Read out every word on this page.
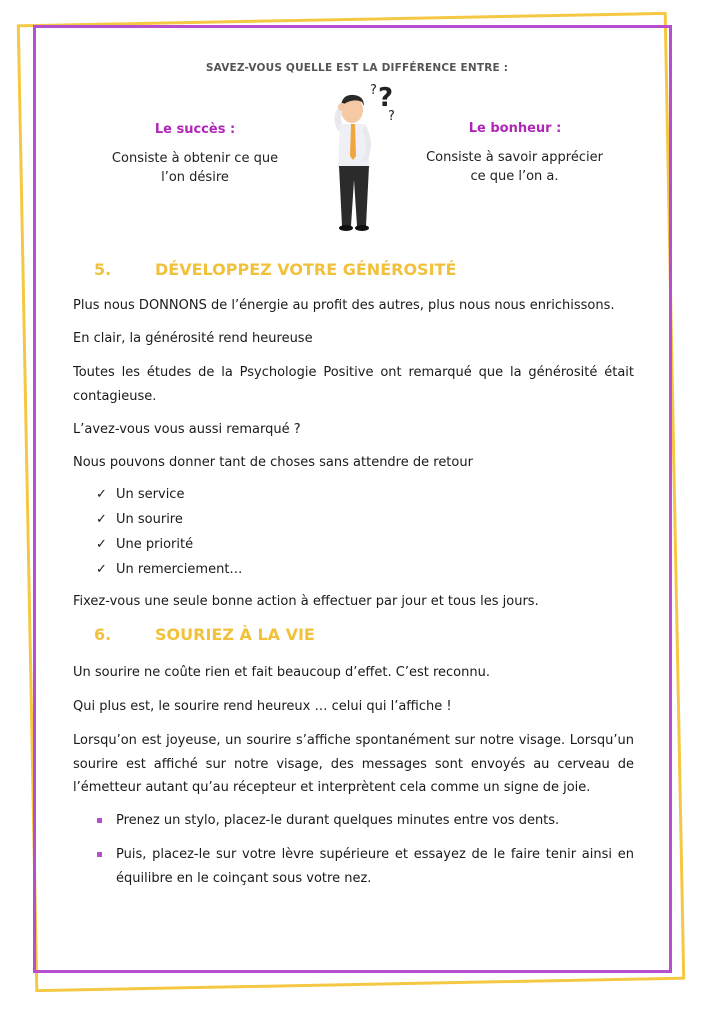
SAVEZ-VOUS QUELLE EST LA DIFFÉRENCE ENTRE :
Le succès :
Consiste à obtenir ce que
l’on désire
Le bonheur :
Consiste à savoir apprécier
ce que l’on a.
?
?
?
5.	DÉVELOPPEZ VOTRE GÉNÉROSITÉ
Plus nous DONNONS de l’énergie au profit des autres, plus nous nous enrichissons.
En clair, la générosité rend heureuse
Toutes les études de la Psychologie Positive ont remarqué que la générosité était contagieuse.
L’avez-vous vous aussi remarqué ?
Nous pouvons donner tant de choses sans attendre de retour
✓ Un service
✓ Un sourire
✓ Une priorité
✓ Un remerciement…
Fixez-vous une seule bonne action à effectuer par jour et tous les jours.
6.	SOURIEZ À LA VIE
Un sourire ne coûte rien et fait beaucoup d’effet. C’est reconnu.
Qui plus est, le sourire rend heureux … celui qui l’affiche !
Lorsqu’on est joyeuse, un sourire s’affiche spontanément sur notre visage. Lorsqu’un sourire est affiché sur notre visage, des messages sont envoyés au cerveau de l’émetteur autant qu’au récepteur et interprètent cela comme un signe de joie.
Prenez un stylo, placez-le durant quelques minutes entre vos dents.
Puis, placez-le sur votre lèvre supérieure et essayez de le faire tenir ainsi en équilibre en le coinçant sous votre nez.
